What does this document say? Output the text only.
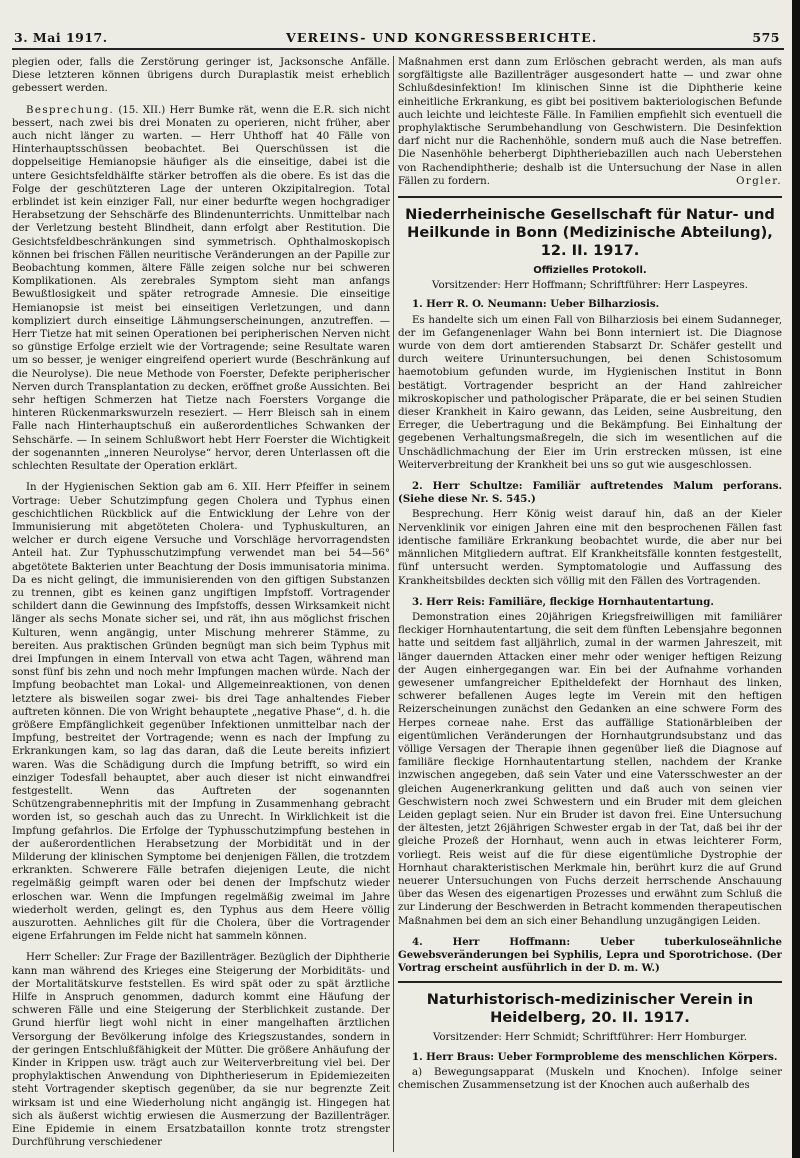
3. Mai 1917.	VEREINS- UND KONGRESSBERICHTE.	575

plegien oder, falls die Zerstörung geringer ist, Jacksonsche Anfälle. Diese letzteren können übrigens durch Duraplastik meist erheblich gebessert werden.

Besprechung. (15. XII.) Herr Bumke rät, wenn die E.R. sich nicht bessert, nach zwei bis drei Monaten zu operieren, nicht früher, aber auch nicht länger zu warten. — Herr Uhthoff hat 40 Fälle von Hinterhauptsschüssen beobachtet. Bei Querschüssen ist die doppelseitige Hemianopsie häufiger als die einseitige, dabei ist die untere Gesichtsfeldhälfte stärker betroffen als die obere. Es ist das die Folge der geschützteren Lage der unteren Okzipitalregion. Total erblindet ist kein einziger Fall, nur einer bedurfte wegen hochgradiger Herabsetzung der Sehschärfe des Blindenunterrichts. Unmittelbar nach der Verletzung besteht Blindheit, dann erfolgt aber Restitution. Die Gesichtsfeldbeschränkungen sind symmetrisch. Ophthalmoskopisch können bei frischen Fällen neuritische Veränderungen an der Papille zur Beobachtung kommen, ältere Fälle zeigen solche nur bei schweren Komplikationen. Als zerebrales Symptom sieht man anfangs Bewußtlosigkeit und später retrograde Amnesie. Die einseitige Hemianopsie ist meist bei einseitigen Verletzungen, und dann kompliziert durch einseitige Lähmungserscheinungen, anzutreffen. — Herr Tietze hat mit seinen Operationen bei peripherischen Nerven nicht so günstige Erfolge erzielt wie der Vortragende; seine Resultate waren um so besser, je weniger eingreifend operiert wurde (Beschränkung auf die Neurolyse). Die neue Methode von Foerster, Defekte peripherischer Nerven durch Transplantation zu decken, eröffnet große Aussichten. Bei sehr heftigen Schmerzen hat Tietze nach Foersters Vorgange die hinteren Rückenmarkswurzeln reseziert. — Herr Bleisch sah in einem Falle nach Hinterhauptschuß ein außerordentliches Schwanken der Sehschärfe. — In seinem Schlußwort hebt Herr Foerster die Wichtigkeit der sogenannten „inneren Neurolyse“ hervor, deren Unterlassen oft die schlechten Resultate der Operation erklärt.

In der Hygienischen Sektion gab am 6. XII. Herr Pfeiffer in seinem Vortrage: Ueber Schutzimpfung gegen Cholera und Typhus einen geschichtlichen Rückblick auf die Entwicklung der Lehre von der Immunisierung mit abgetöteten Cholera- und Typhuskulturen, an welcher er durch eigene Versuche und Vorschläge hervorragendsten Anteil hat. Zur Typhusschutzimpfung verwendet man bei 54—56° abgetötete Bakterien unter Beachtung der Dosis immunisatoria minima. Da es nicht gelingt, die immunisierenden von den giftigen Substanzen zu trennen, gibt es keinen ganz ungiftigen Impfstoff. Vortragender schildert dann die Gewinnung des Impfstoffs, dessen Wirksamkeit nicht länger als sechs Monate sicher sei, und rät, ihn aus möglichst frischen Kulturen, wenn angängig, unter Mischung mehrerer Stämme, zu bereiten. Aus praktischen Gründen begnügt man sich beim Typhus mit drei Impfungen in einem Intervall von etwa acht Tagen, während man sonst fünf bis zehn und noch mehr Impfungen machen würde. Nach der Impfung beobachtet man Lokal- und Allgemeinreaktionen, von denen letztere als bisweilen sogar zwei- bis drei Tage anhaltendes Fieber auftreten können. Die von Wright behauptete „negative Phase“, d. h. die größere Empfänglichkeit gegenüber Infektionen unmittelbar nach der Impfung, bestreitet der Vortragende; wenn es nach der Impfung zu Erkrankungen kam, so lag das daran, daß die Leute bereits infiziert waren. Was die Schädigung durch die Impfung betrifft, so wird ein einziger Todesfall behauptet, aber auch dieser ist nicht einwandfrei festgestellt. Wenn das Auftreten der sogenannten Schützengrabennephritis mit der Impfung in Zusammenhang gebracht worden ist, so geschah auch das zu Unrecht. In Wirklichkeit ist die Impfung gefahrlos. Die Erfolge der Typhusschutzimpfung bestehen in der außerordentlichen Herabsetzung der Morbidität und in der Milderung der klinischen Symptome bei denjenigen Fällen, die trotzdem erkrankten. Schwerere Fälle betrafen diejenigen Leute, die nicht regelmäßig geimpft waren oder bei denen der Impfschutz wieder erloschen war. Wenn die Impfungen regelmäßig zweimal im Jahre wiederholt werden, gelingt es, den Typhus aus dem Heere völlig auszurotten. Aehnliches gilt für die Cholera, über die Vortragender eigene Erfahrungen im Felde nicht hat sammeln können.

Herr Scheller: Zur Frage der Bazillenträger. Bezüglich der Diphtherie kann man während des Krieges eine Steigerung der Morbiditäts- und der Mortalitätskurve feststellen. Es wird spät oder zu spät ärztliche Hilfe in Anspruch genommen, dadurch kommt eine Häufung der schweren Fälle und eine Steigerung der Sterblichkeit zustande. Der Grund hierfür liegt wohl nicht in einer mangelhaften ärztlichen Versorgung der Bevölkerung infolge des Kriegszustandes, sondern in der geringen Entschlußfähigkeit der Mütter. Die größere Anhäufung der Kinder in Krippen usw. trägt auch zur Weiterverbreitung viel bei. Der prophylaktischen Anwendung von Diphtherieserum in Epidemiezeiten steht Vortragender skeptisch gegenüber, da sie nur begrenzte Zeit wirksam ist und eine Wiederholung nicht angängig ist. Hingegen hat sich als äußerst wichtig erwiesen die Ausmerzung der Bazillenträger. Eine Epidemie in einem Ersatzbataillon konnte trotz strengster Durchführung verschiedener

Maßnahmen erst dann zum Erlöschen gebracht werden, als man aufs sorgfältigste alle Bazillenträger ausgesondert hatte — und zwar ohne Schlußdesinfektion! Im klinischen Sinne ist die Diphtherie keine einheitliche Erkrankung, es gibt bei positivem bakteriologischen Befunde auch leichte und leichteste Fälle. In Familien empfiehlt sich eventuell die prophylaktische Serumbehandlung von Geschwistern. Die Desinfektion darf nicht nur die Rachenhöhle, sondern muß auch die Nase betreffen. Die Nasenhöhle beherbergt Diphtheriebazillen auch nach Ueberstehen von Rachendiphtherie; deshalb ist die Untersuchung der Nase in allen Fällen zu fordern.	Orgler.

Niederrheinische Gesellschaft für Natur- und Heilkunde in Bonn (Medizinische Abteilung), 12. II. 1917.
Offizielles Protokoll.
Vorsitzender: Herr Hoffmann; Schriftführer: Herr Laspeyres.

1. Herr R. O. Neumann: Ueber Bilharziosis.

Es handelte sich um einen Fall von Bilharziosis bei einem Sudanneger, der im Gefangenenlager Wahn bei Bonn interniert ist. Die Diagnose wurde von dem dort amtierenden Stabsarzt Dr. Schäfer gestellt und durch weitere Urinuntersuchungen, bei denen Schistosomum haemotobium gefunden wurde, im Hygienischen Institut in Bonn bestätigt. Vortragender bespricht an der Hand zahlreicher mikroskopischer und pathologischer Präparate, die er bei seinen Studien dieser Krankheit in Kairo gewann, das Leiden, seine Ausbreitung, den Erreger, die Uebertragung und die Bekämpfung. Bei Einhaltung der gegebenen Verhaltungsmaßregeln, die sich im wesentlichen auf die Unschädlichmachung der Eier im Urin erstrecken müssen, ist eine Weiterverbreitung der Krankheit bei uns so gut wie ausgeschlossen.

2. Herr Schultze: Familiär auftretendes Malum perforans. (Siehe diese Nr. S. 545.)

Besprechung. Herr König weist darauf hin, daß an der Kieler Nervenklinik vor einigen Jahren eine mit den besprochenen Fällen fast identische familiäre Erkrankung beobachtet wurde, die aber nur bei männlichen Mitgliedern auftrat. Elf Krankheitsfälle konnten festgestellt, fünf untersucht werden. Symptomatologie und Auffassung des Krankheitsbildes deckten sich völlig mit den Fällen des Vortragenden.

3. Herr Reis: Familiäre, fleckige Hornhautentartung.

Demonstration eines 20jährigen Kriegsfreiwilligen mit familiärer fleckiger Hornhautentartung, die seit dem fünften Lebensjahre begonnen hatte und seitdem fast alljährlich, zumal in der warmen Jahreszeit, mit länger dauernden Attacken einer mehr oder weniger heftigen Reizung der Augen einhergegangen war. Ein bei der Aufnahme vorhanden gewesener umfangreicher Epitheldefekt der Hornhaut des linken, schwerer befallenen Auges legte im Verein mit den heftigen Reizerscheinungen zunächst den Gedanken an eine schwere Form des Herpes corneae nahe. Erst das auffällige Stationärbleiben der eigentümlichen Veränderungen der Hornhautgrundsubstanz und das völlige Versagen der Therapie ihnen gegenüber ließ die Diagnose auf familiäre fleckige Hornhautentartung stellen, nachdem der Kranke inzwischen angegeben, daß sein Vater und eine Vatersschwester an der gleichen Augenerkrankung gelitten und daß auch von seinen vier Geschwistern noch zwei Schwestern und ein Bruder mit dem gleichen Leiden geplagt seien. Nur ein Bruder ist davon frei. Eine Untersuchung der ältesten, jetzt 26jährigen Schwester ergab in der Tat, daß bei ihr der gleiche Prozeß der Hornhaut, wenn auch in etwas leichterer Form, vorliegt. Reis weist auf die für diese eigentümliche Dystrophie der Hornhaut charakteristischen Merkmale hin, berührt kurz die auf Grund neuerer Untersuchungen von Fuchs derzeit herrschende Anschauung über das Wesen des eigenartigen Prozesses und erwähnt zum Schluß die zur Linderung der Beschwerden in Betracht kommenden therapeutischen Maßnahmen bei dem an sich einer Behandlung unzugängigen Leiden.

4. Herr Hoffmann: Ueber tuberkuloseähnliche Gewebsveränderungen bei Syphilis, Lepra und Sporotrichose. (Der Vortrag erscheint ausführlich in der D. m. W.)

Naturhistorisch-medizinischer Verein in Heidelberg, 20. II. 1917.
Vorsitzender: Herr Schmidt; Schriftführer: Herr Homburger.

1. Herr Braus: Ueber Formprobleme des menschlichen Körpers.

a) Bewegungsapparat (Muskeln und Knochen). Infolge seiner chemischen Zusammensetzung ist der Knochen auch außerhalb des
